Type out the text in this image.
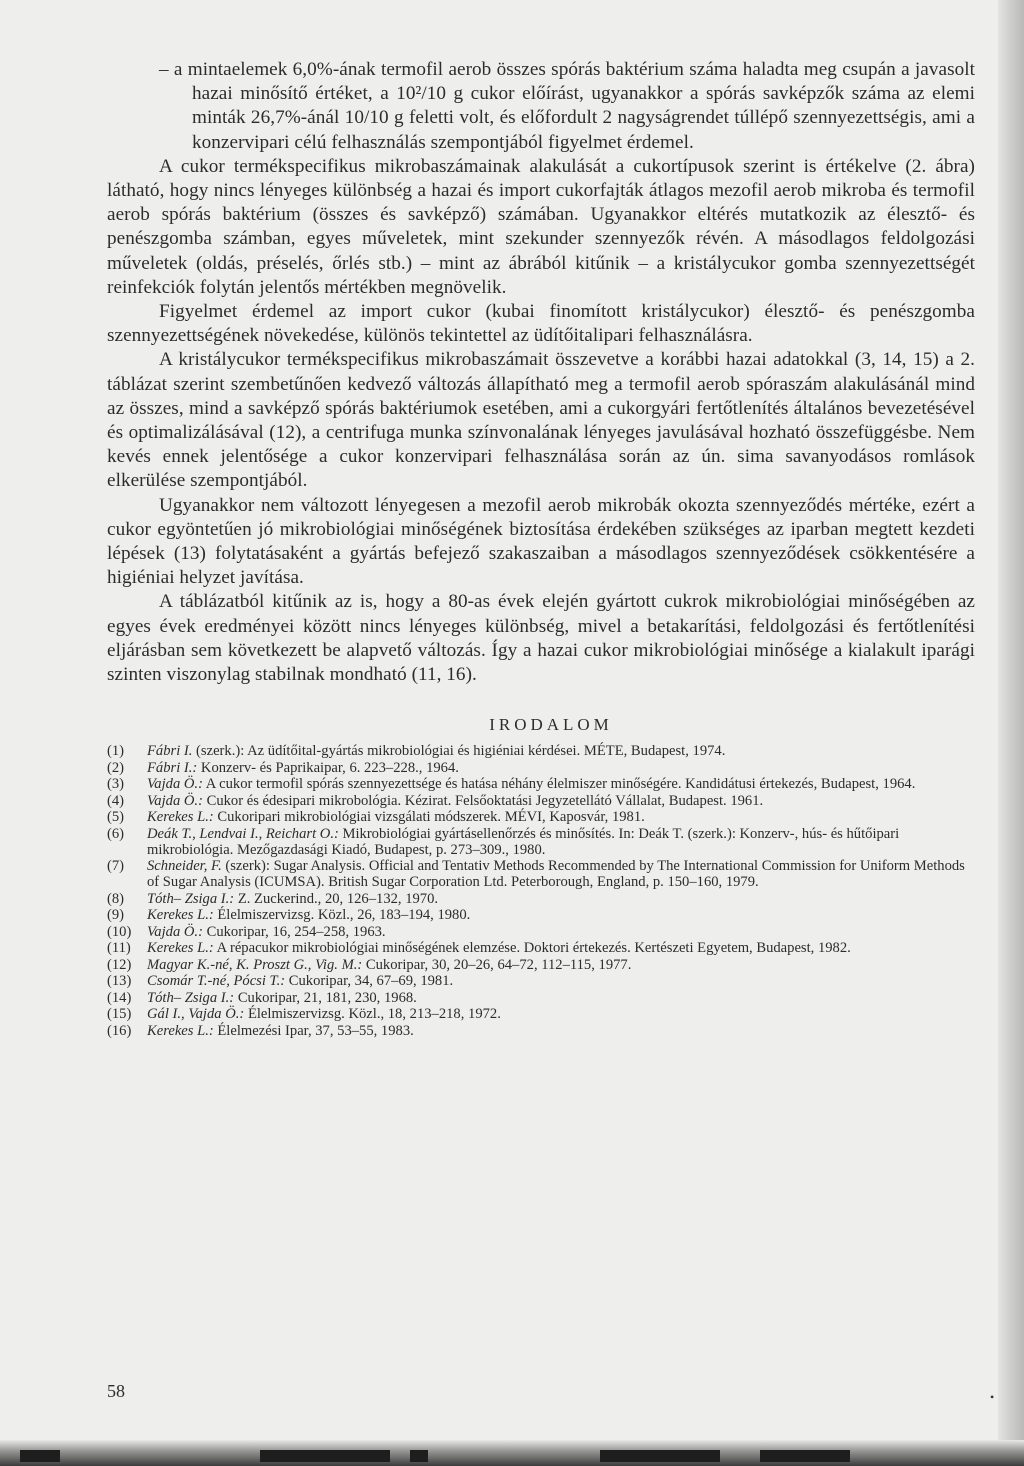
– a mintaelemek 6,0%-ának termofil aerob összes spórás baktérium száma haladta meg csupán a javasolt hazai minősítő értéket, a 10²/10 g cukor előírást, ugyanakkor a spórás savképzők száma az elemi minták 26,7%-ánál 10/10 g feletti volt, és előfordult 2 nagyságrendet túllépő szennyezettségis, ami a konzervipari célú felhasználás szempontjából figyelmet érdemel.

A cukor termékspecifikus mikrobaszámainak alakulását a cukortípusok szerint is értékelve (2. ábra) látható, hogy nincs lényeges különbség a hazai és import cukorfajták átlagos mezofil aerob mikroba és termofil aerob spórás baktérium (összes és savképző) számában. Ugyanakkor eltérés mutatkozik az élesztő- és penészgomba számban, egyes műveletek, mint szekunder szennyezők révén. A másodlagos feldolgozási műveletek (oldás, préselés, őrlés stb.) – mint az ábrából kitűnik – a kristálycukor gomba szennyezettségét reinfekciók folytán jelentős mértékben megnövelik.

Figyelmet érdemel az import cukor (kubai finomított kristálycukor) élesztő- és penészgomba szennyezettségének növekedése, különös tekintettel az üdítőitalipari felhasználásra.

A kristálycukor termékspecifikus mikrobaszámait összevetve a korábbi hazai adatokkal (3, 14, 15) a 2. táblázat szerint szembetűnően kedvező változás állapítható meg a termofil aerob spóraszám alakulásánál mind az összes, mind a savképző spórás baktériumok esetében, ami a cukorgyári fertőtlenítés általános bevezetésével és optimalizálásával (12), a centrifuga munka színvonalának lényeges javulásával hozható összefüggésbe. Nem kevés ennek jelentősége a cukor konzervipari felhasználása során az ún. sima savanyodásos romlások elkerülése szempontjából.

Ugyanakkor nem változott lényegesen a mezofil aerob mikrobák okozta szennyeződés mértéke, ezért a cukor egyöntetűen jó mikrobiológiai minőségének biztosítása érdekében szükséges az iparban megtett kezdeti lépések (13) folytatásaként a gyártás befejező szakaszaiban a másodlagos szennyeződések csökkentésére a higiéniai helyzet javítása.

A táblázatból kitűnik az is, hogy a 80-as évek elején gyártott cukrok mikrobiológiai minőségében az egyes évek eredményei között nincs lényeges különbség, mivel a betakarítási, feldolgozási és fertőtlenítési eljárásban sem következett be alapvető változás. Így a hazai cukor mikrobiológiai minősége a kialakult iparági szinten viszonylag stabilnak mondható (11, 16).

IRODALOM
(1)	Fábri I. (szerk.): Az üdítőital-gyártás mikrobiológiai és higiéniai kérdései. MÉTE, Budapest, 1974.
(2)	Fábri I.: Konzerv- és Paprikaipar, 6. 223–228., 1964.
(3)	Vajda Ö.: A cukor termofil spórás szennyezettsége és hatása néhány élelmiszer minőségére. Kandidátusi értekezés, Budapest, 1964.
(4)	Vajda Ö.: Cukor és édesipari mikrobológia. Kézirat. Felsőoktatási Jegyzetellátó Vállalat, Budapest. 1961.
(5)	Kerekes L.: Cukoripari mikrobiológiai vizsgálati módszerek. MÉVI, Kaposvár, 1981.
(6)	Deák T., Lendvai I., Reichart O.: Mikrobiológiai gyártásellenőrzés és minősítés. In: Deák T. (szerk.): Konzerv-, hús- és hűtőipari mikrobiológia. Mezőgazdasági Kiadó, Budapest, p. 273–309., 1980.
(7)	Schneider, F. (szerk): Sugar Analysis. Official and Tentativ Methods Recommended by The International Commission for Uniform Methods of Sugar Analysis (ICUMSA). British Sugar Corporation Ltd. Peterborough, England, p. 150–160, 1979.
(8)	Tóth– Zsiga I.: Z. Zuckerind., 20, 126–132, 1970.
(9)	Kerekes L.: Élelmiszervizsg. Közl., 26, 183–194, 1980.
(10)	Vajda Ö.: Cukoripar, 16, 254–258, 1963.
(11)	Kerekes L.: A répacukor mikrobiológiai minőségének elemzése. Doktori értekezés. Kertészeti Egyetem, Budapest, 1982.
(12)	Magyar K.-né, K. Proszt G., Vig. M.: Cukoripar, 30, 20–26, 64–72, 112–115, 1977.
(13)	Csomár T.-né, Pócsi T.: Cukoripar, 34, 67–69, 1981.
(14)	Tóth– Zsiga I.: Cukoripar, 21, 181, 230, 1968.
(15)	Gál I., Vajda Ö.: Élelmiszervizsg. Közl., 18, 213–218, 1972.
(16)	Kerekes L.: Élelmezési Ipar, 37, 53–55, 1983.
58	•
